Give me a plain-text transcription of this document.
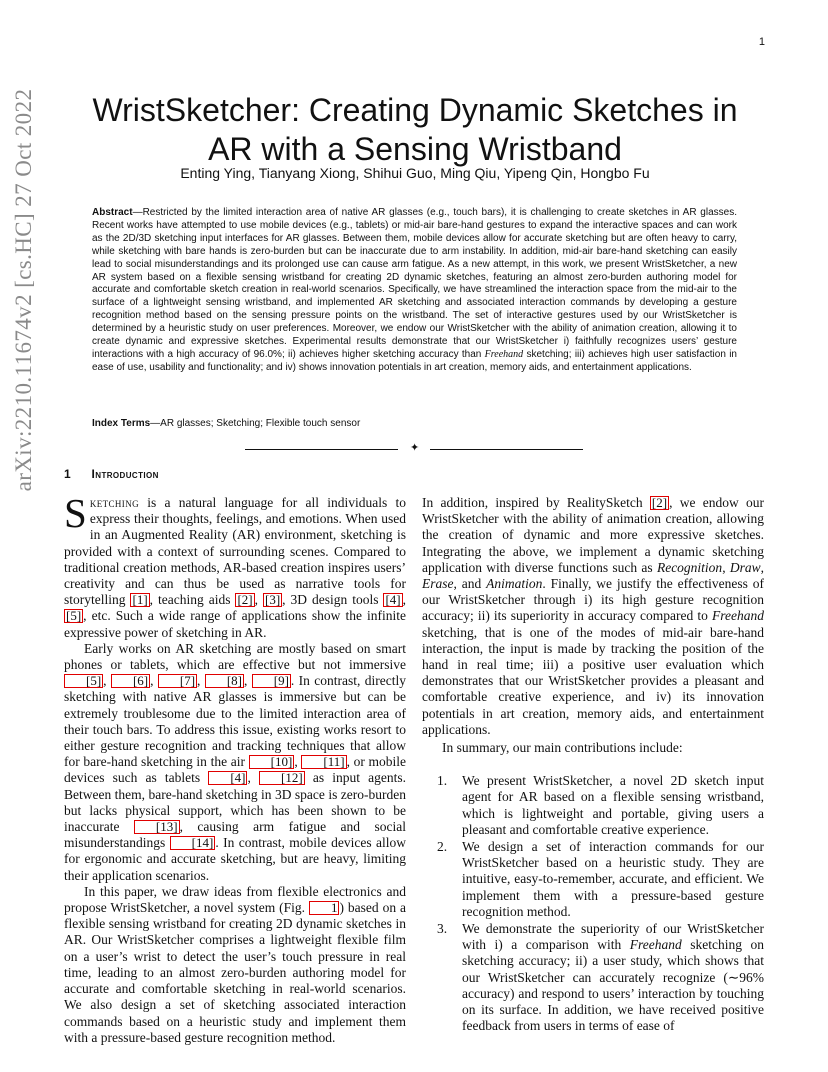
1
arXiv:2210.11674v2 [cs.HC] 27 Oct 2022	WristSketcher: Creating Dynamic Sketches in AR with a Sensing Wristband
Enting Ying, Tianyang Xiong, Shihui Guo, Ming Qiu, Yipeng Qin, Hongbo Fu
Abstract—Restricted by the limited interaction area of native AR glasses (e.g., touch bars), it is challenging to create sketches in AR glasses. Recent works have attempted to use mobile devices (e.g., tablets) or mid-air bare-hand gestures to expand the interactive spaces and can work as the 2D/3D sketching input interfaces for AR glasses. Between them, mobile devices allow for accurate sketching but are often heavy to carry, while sketching with bare hands is zero-burden but can be inaccurate due to arm instability. In addition, mid-air bare-hand sketching can easily lead to social misunderstandings and its prolonged use can cause arm fatigue. As a new attempt, in this work, we present WristSketcher, a new AR system based on a flexible sensing wristband for creating 2D dynamic sketches, featuring an almost zero-burden authoring model for accurate and comfortable sketch creation in real-world scenarios. Specifically, we have streamlined the interaction space from the mid-air to the surface of a lightweight sensing wristband, and implemented AR sketching and associated interaction commands by developing a gesture recognition method based on the sensing pressure points on the wristband. The set of interactive gestures used by our WristSketcher is determined by a heuristic study on user preferences. Moreover, we endow our WristSketcher with the ability of animation creation, allowing it to create dynamic and expressive sketches. Experimental results demonstrate that our WristSketcher i) faithfully recognizes users’ gesture interactions with a high accuracy of 96.0%; ii) achieves higher sketching accuracy than Freehand sketching; iii) achieves high user satisfaction in ease of use, usability and functionality; and iv) shows innovation potentials in art creation, memory aids, and entertainment applications.
Index Terms—AR glasses; Sketching; Flexible touch sensor
✦
1 Introduction

Sketching is a natural language for all individuals to express their thoughts, feelings, and emotions. When used in an Augmented Reality (AR) environment, sketching is provided with a context of surrounding scenes. Compared to traditional creation methods, AR-based creation inspires users’ creativity and can thus be used as narrative tools for storytelling [1] , teaching aids [2] , [3] , 3D design tools [4] , [5] , etc. Such a wide range of applications show the infinite expressive power of sketching in AR.

Early works on AR sketching are mostly based on smart phones or tablets, which are effective but not immersive [5] , [6] , [7] , [8] , [9] . In contrast, directly sketching with native AR glasses is immersive but can be extremely troublesome due to the limited interaction area of their touch bars. To address this issue, existing works resort to either gesture recognition and tracking techniques that allow for bare-hand sketching in the air [10] , [11] , or mobile devices such as tablets [4] , [12] as input agents. Between them, bare-hand sketching in 3D space is zero-burden but lacks physical support, which has been shown to be inaccurate [13] , causing arm fatigue and social misunderstandings [14] . In contrast, mobile devices allow for ergonomic and accurate sketching, but are heavy, limiting their application scenarios.

In this paper, we draw ideas from flexible electronics and propose WristSketcher, a novel system (Fig. 1 ) based on a flexible sensing wristband for creating 2D dynamic sketches in AR. Our WristSketcher comprises a lightweight flexible film on a user’s wrist to detect the user’s touch pressure in real time, leading to an almost zero-burden authoring model for accurate and comfortable sketching in real-world scenarios. We also design a set of sketching associated interaction commands based on a heuristic study and implement them with a pressure-based gesture recognition method.

In addition, inspired by RealitySketch [2] , we endow our WristSketcher with the ability of animation creation, allowing the creation of dynamic and more expressive sketches. Integrating the above, we implement a dynamic sketching application with diverse functions such as Recognition, Draw, Erase, and Animation. Finally, we justify the effectiveness of our WristSketcher through i) its high gesture recognition accuracy; ii) its superiority in accuracy compared to Freehand sketching, that is one of the modes of mid-air bare-hand interaction, the input is made by tracking the position of the hand in real time; iii) a positive user evaluation which demonstrates that our WristSketcher provides a pleasant and comfortable creative experience, and iv) its innovation potentials in art creation, memory aids, and entertainment applications.

In summary, our main contributions include:

1. We present WristSketcher, a novel 2D sketch input agent for AR based on a flexible sensing wristband, which is lightweight and portable, giving users a pleasant and comfortable creative experience.
2. We design a set of interaction commands for our WristSketcher based on a heuristic study. They are intuitive, easy-to-remember, accurate, and efficient. We implement them with a pressure-based gesture recognition method.
3. We demonstrate the superiority of our WristSketcher with i) a comparison with Freehand sketching on sketching accuracy; ii) a user study, which shows that our WristSketcher can accurately recognize (∼96% accuracy) and respond to users’ interaction by touching on its surface. In addition, we have received positive feedback from users in terms of ease of
